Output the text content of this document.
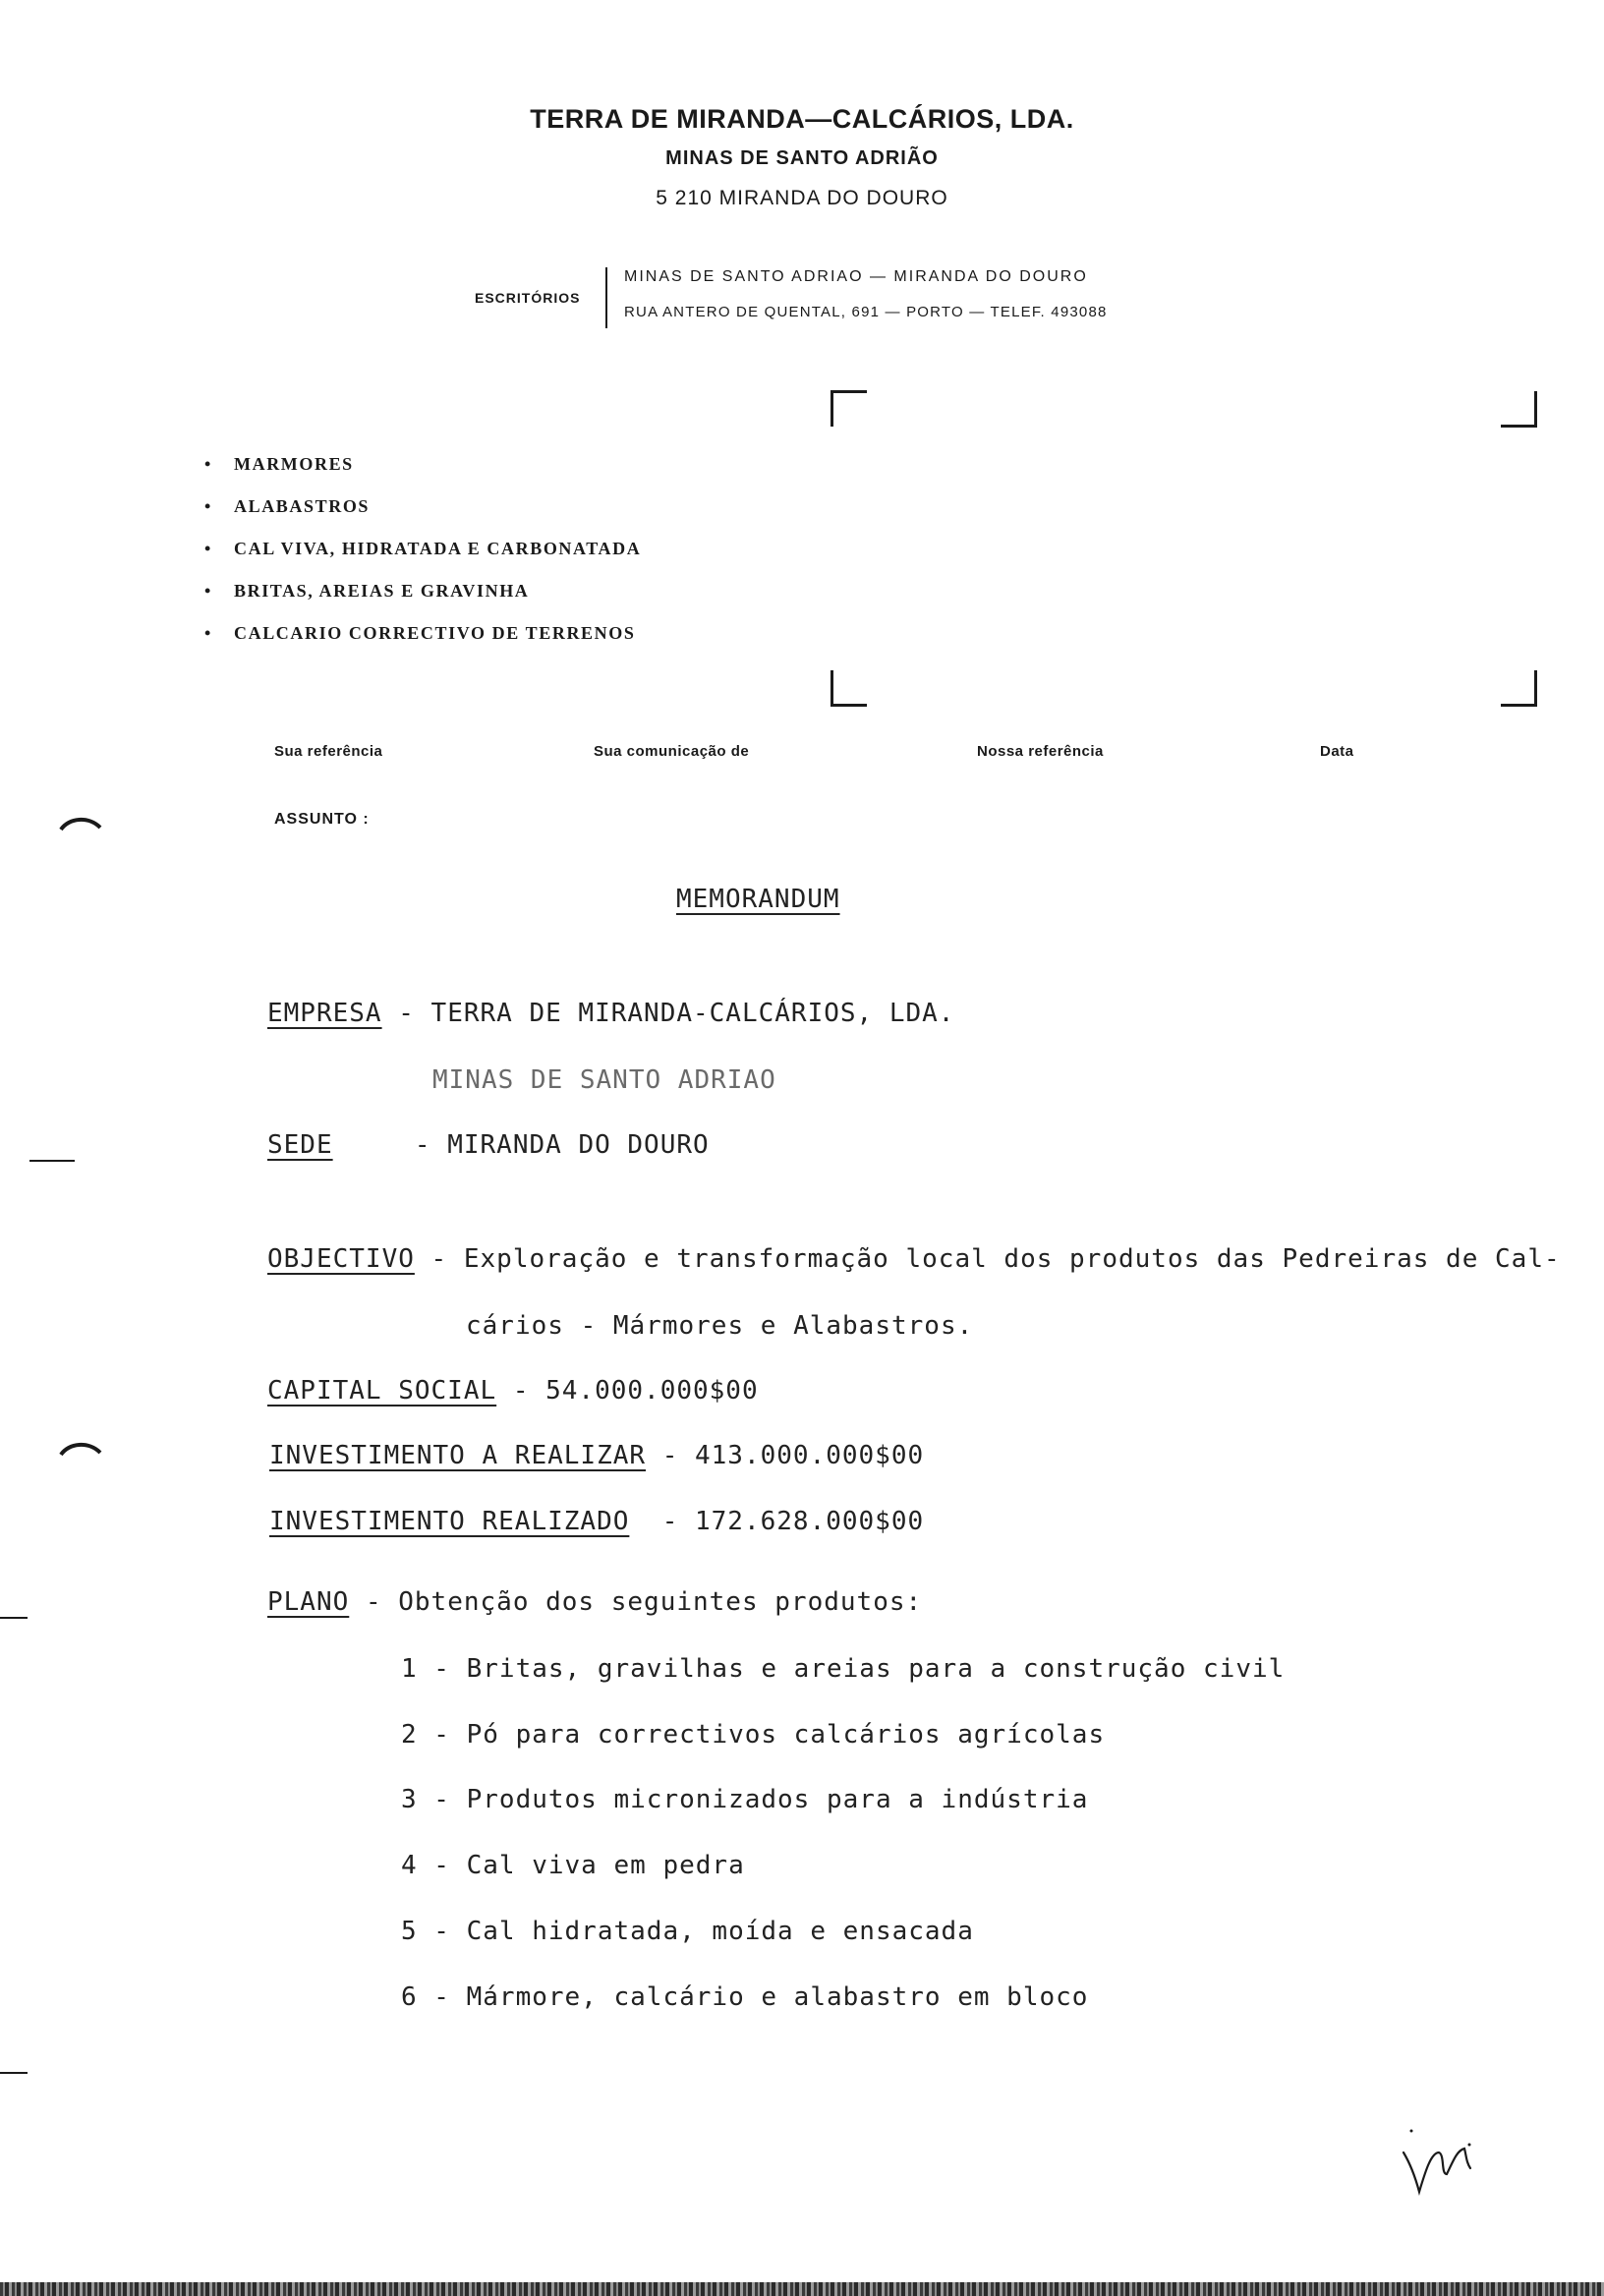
TERRA DE MIRANDA—CALCÁRIOS, LDA.
MINAS DE SANTO ADRIÃO
5 210 MIRANDA DO DOURO
ESCRITÓRIOS
MINAS DE SANTO ADRIAO — MIRANDA DO DOURO
RUA ANTERO DE QUENTAL, 691 — PORTO — TELEF. 493088
• MARMORES
• ALABASTROS
• CAL VIVA, HIDRATADA E CARBONATADA
• BRITAS, AREIAS E GRAVINHA
• CALCARIO CORRECTIVO DE TERRENOS
Sua referência	Sua comunicação de	Nossa referência	Data
ASSUNTO :
MEMORANDUM
EMPRESA - TERRA DE MIRANDA-CALCÁRIOS, LDA.
MINAS DE SANTO ADRIAO
SEDE	- MIRANDA DO DOURO
OBJECTIVO - Exploração e transformação local dos produtos das Pedreiras de Cal-
cários - Mármores e Alabastros.
CAPITAL SOCIAL - 54.000.000$00
INVESTIMENTO A REALIZAR - 413.000.000$00
INVESTIMENTO REALIZADO - 172.628.000$00
PLANO - Obtenção dos seguintes produtos:
1 - Britas, gravilhas e areias para a construção civil
2 - Pó para correctivos calcários agrícolas
3 - Produtos micronizados para a indústria
4 - Cal viva em pedra
5 - Cal hidratada, moída e ensacada
6 - Mármore, calcário e alabastro em bloco
